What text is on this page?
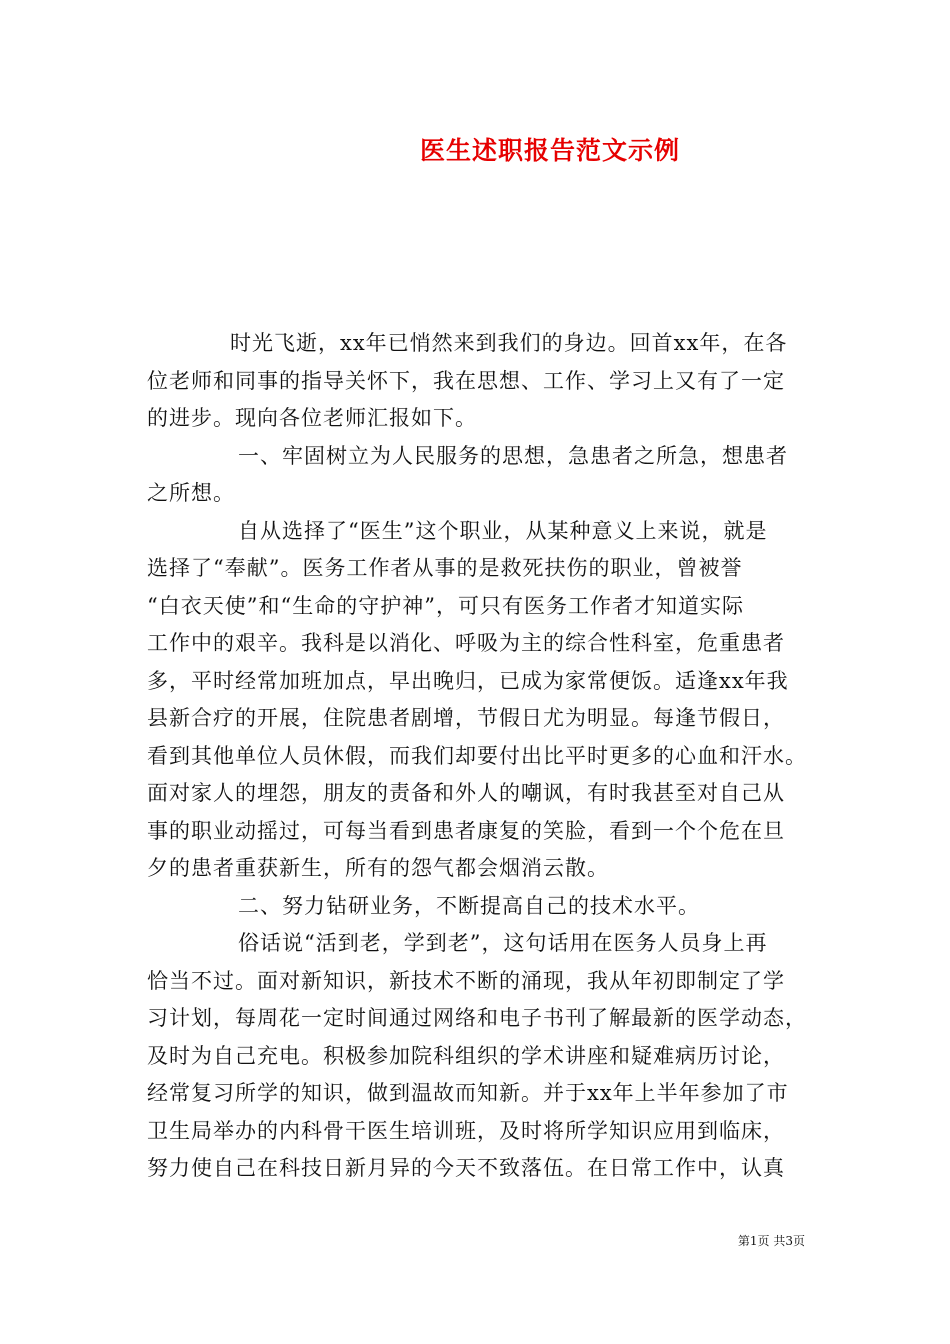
医生述职报告范文示例
时光飞逝，xx年已悄然来到我们的身边。回首xx年，在各
位老师和同事的指导关怀下，我在思想、工作、学习上又有了一定
的进步。现向各位老师汇报如下。
一、牢固树立为人民服务的思想，急患者之所急，想患者
之所想。
自从选择了“医生”这个职业，从某种意义上来说，就是
选择了“奉献”。医务工作者从事的是救死扶伤的职业，曾被誉
“白衣天使”和“生命的守护神”，可只有医务工作者才知道实际
工作中的艰辛。我科是以消化、呼吸为主的综合性科室，危重患者
多，平时经常加班加点，早出晚归，已成为家常便饭。适逢xx年我
县新合疗的开展，住院患者剧增，节假日尤为明显。每逢节假日，
看到其他单位人员休假，而我们却要付出比平时更多的心血和汗水。
面对家人的埋怨，朋友的责备和外人的嘲讽，有时我甚至对自己从
事的职业动摇过，可每当看到患者康复的笑脸，看到一个个危在旦
夕的患者重获新生，所有的怨气都会烟消云散。
二、努力钻研业务，不断提高自己的技术水平。
俗话说“活到老，学到老”，这句话用在医务人员身上再
恰当不过。面对新知识，新技术不断的涌现，我从年初即制定了学
习计划，每周花一定时间通过网络和电子书刊了解最新的医学动态，
及时为自己充电。积极参加院科组织的学术讲座和疑难病历讨论，
经常复习所学的知识，做到温故而知新。并于xx年上半年参加了市
卫生局举办的内科骨干医生培训班，及时将所学知识应用到临床，
努力使自己在科技日新月异的今天不致落伍。在日常工作中，认真
第1页 共3页
